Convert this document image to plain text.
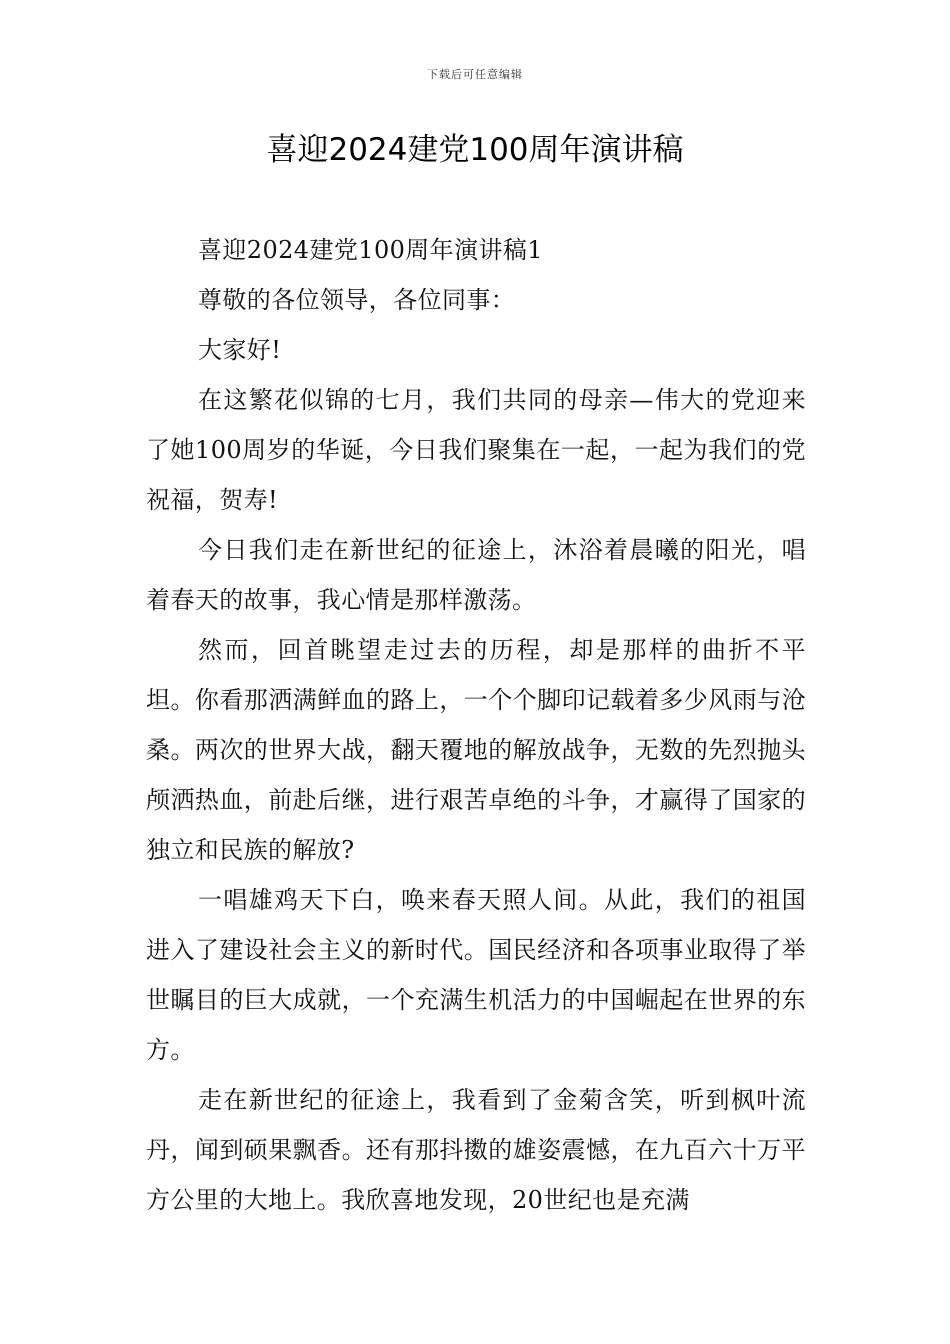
下载后可任意编辑
喜迎2024建党100周年演讲稿

喜迎2024建党100周年演讲稿1

尊敬的各位领导，各位同事：

大家好!

在这繁花似锦的七月，我们共同的母亲—伟大的党迎来了她100周岁的华诞，今日我们聚集在一起，一起为我们的党祝福，贺寿!

今日我们走在新世纪的征途上，沐浴着晨曦的阳光，唱着春天的故事，我心情是那样激荡。

然而，回首眺望走过去的历程，却是那样的曲折不平坦。你看那洒满鲜血的路上，一个个脚印记载着多少风雨与沧桑。两次的世界大战，翻天覆地的解放战争，无数的先烈抛头颅洒热血，前赴后继，进行艰苦卓绝的斗争，才赢得了国家的独立和民族的解放?

一唱雄鸡天下白，唤来春天照人间。从此，我们的祖国进入了建设社会主义的新时代。国民经济和各项事业取得了举世瞩目的巨大成就，一个充满生机活力的中国崛起在世界的东方。

走在新世纪的征途上，我看到了金菊含笑，听到枫叶流丹，闻到硕果飘香。还有那抖擞的雄姿震憾，在九百六十万平方公里的大地上。我欣喜地发现，20世纪也是充满
